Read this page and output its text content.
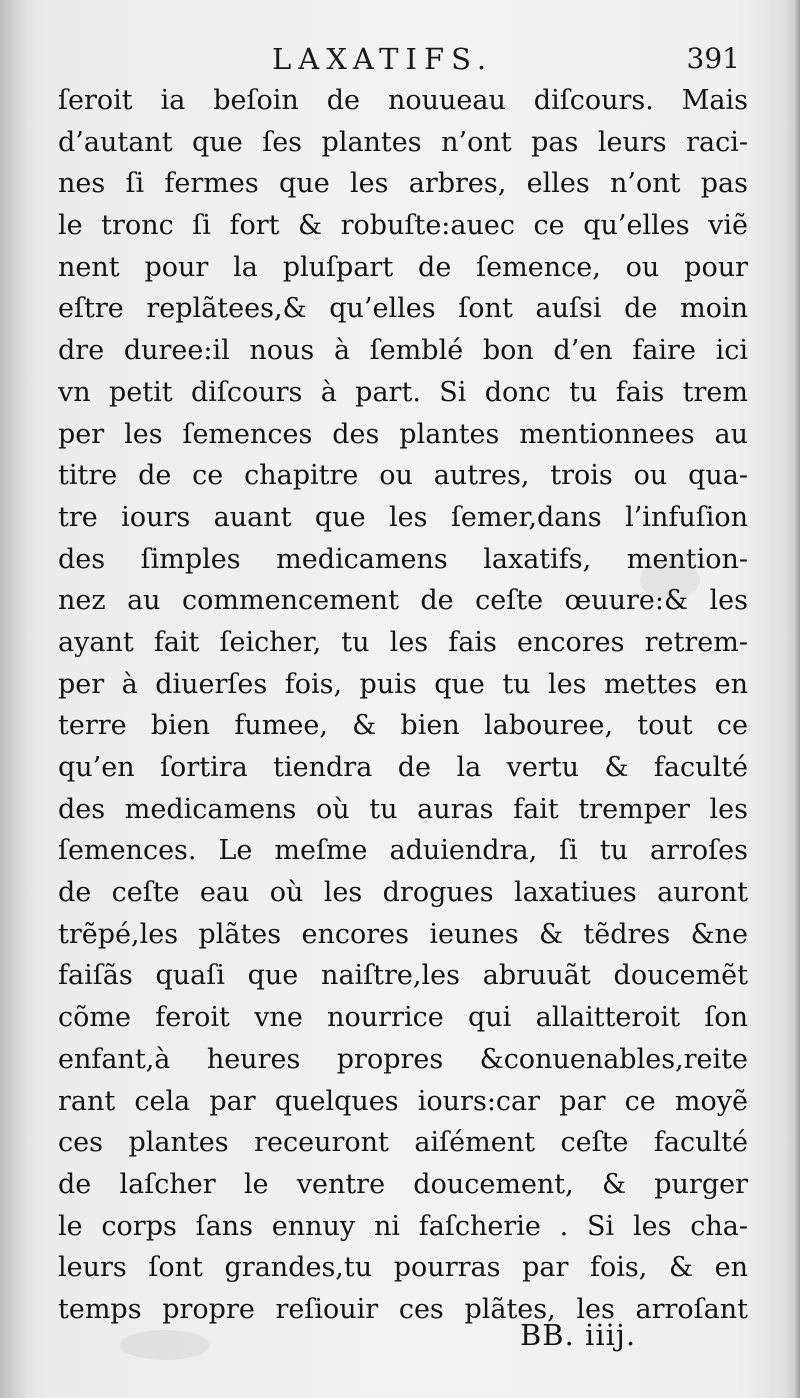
LAXATIFS.	391
ſeroit ia beſoin de nouueau diſcours. Mais
d’autant que ſes plantes n’ont pas leurs raci-
nes ſi fermes que les arbres, elles n’ont pas
le tronc ſi fort & robuſte:auec ce qu’elles viẽ
nent pour la pluſpart de ſemence, ou pour
eſtre replãtees,& qu’elles ſont auſsi de moin
dre duree:il nous à ſemblé bon d’en faire ici
vn petit diſcours à part. Si donc tu fais trem
per les ſemences des plantes mentionnees au
titre de ce chapitre ou autres, trois ou qua-
tre iours auant que les ſemer,dans l’infuſion
des ſimples medicamens laxatifs, mention-
nez au commencement de ceſte œuure:& les
ayant fait ſeicher, tu les fais encores retrem-
per à diuerſes fois, puis que tu les mettes en
terre bien fumee, & bien labouree, tout ce
qu’en ſortira tiendra de la vertu & faculté
des medicamens où tu auras fait tremper les
ſemences. Le meſme aduiendra, ſi tu arroſes
de ceſte eau où les drogues laxatiues auront
trẽpé,les plãtes encores ieunes & tẽdres &ne
faiſãs quaſi que naiſtre,les abruuãt doucemẽt
cõme feroit vne nourrice qui allaitteroit ſon
enfant,à heures propres &conuenables,reite
rant cela par quelques iours:car par ce moyẽ
ces plantes receuront aiſément ceſte faculté
de laſcher le ventre doucement, & purger
le corps ſans ennuy ni faſcherie . Si les cha-
leurs ſont grandes,tu pourras par fois, & en
temps propre reſiouir ces plãtes, les arroſant
BB. iiij.
